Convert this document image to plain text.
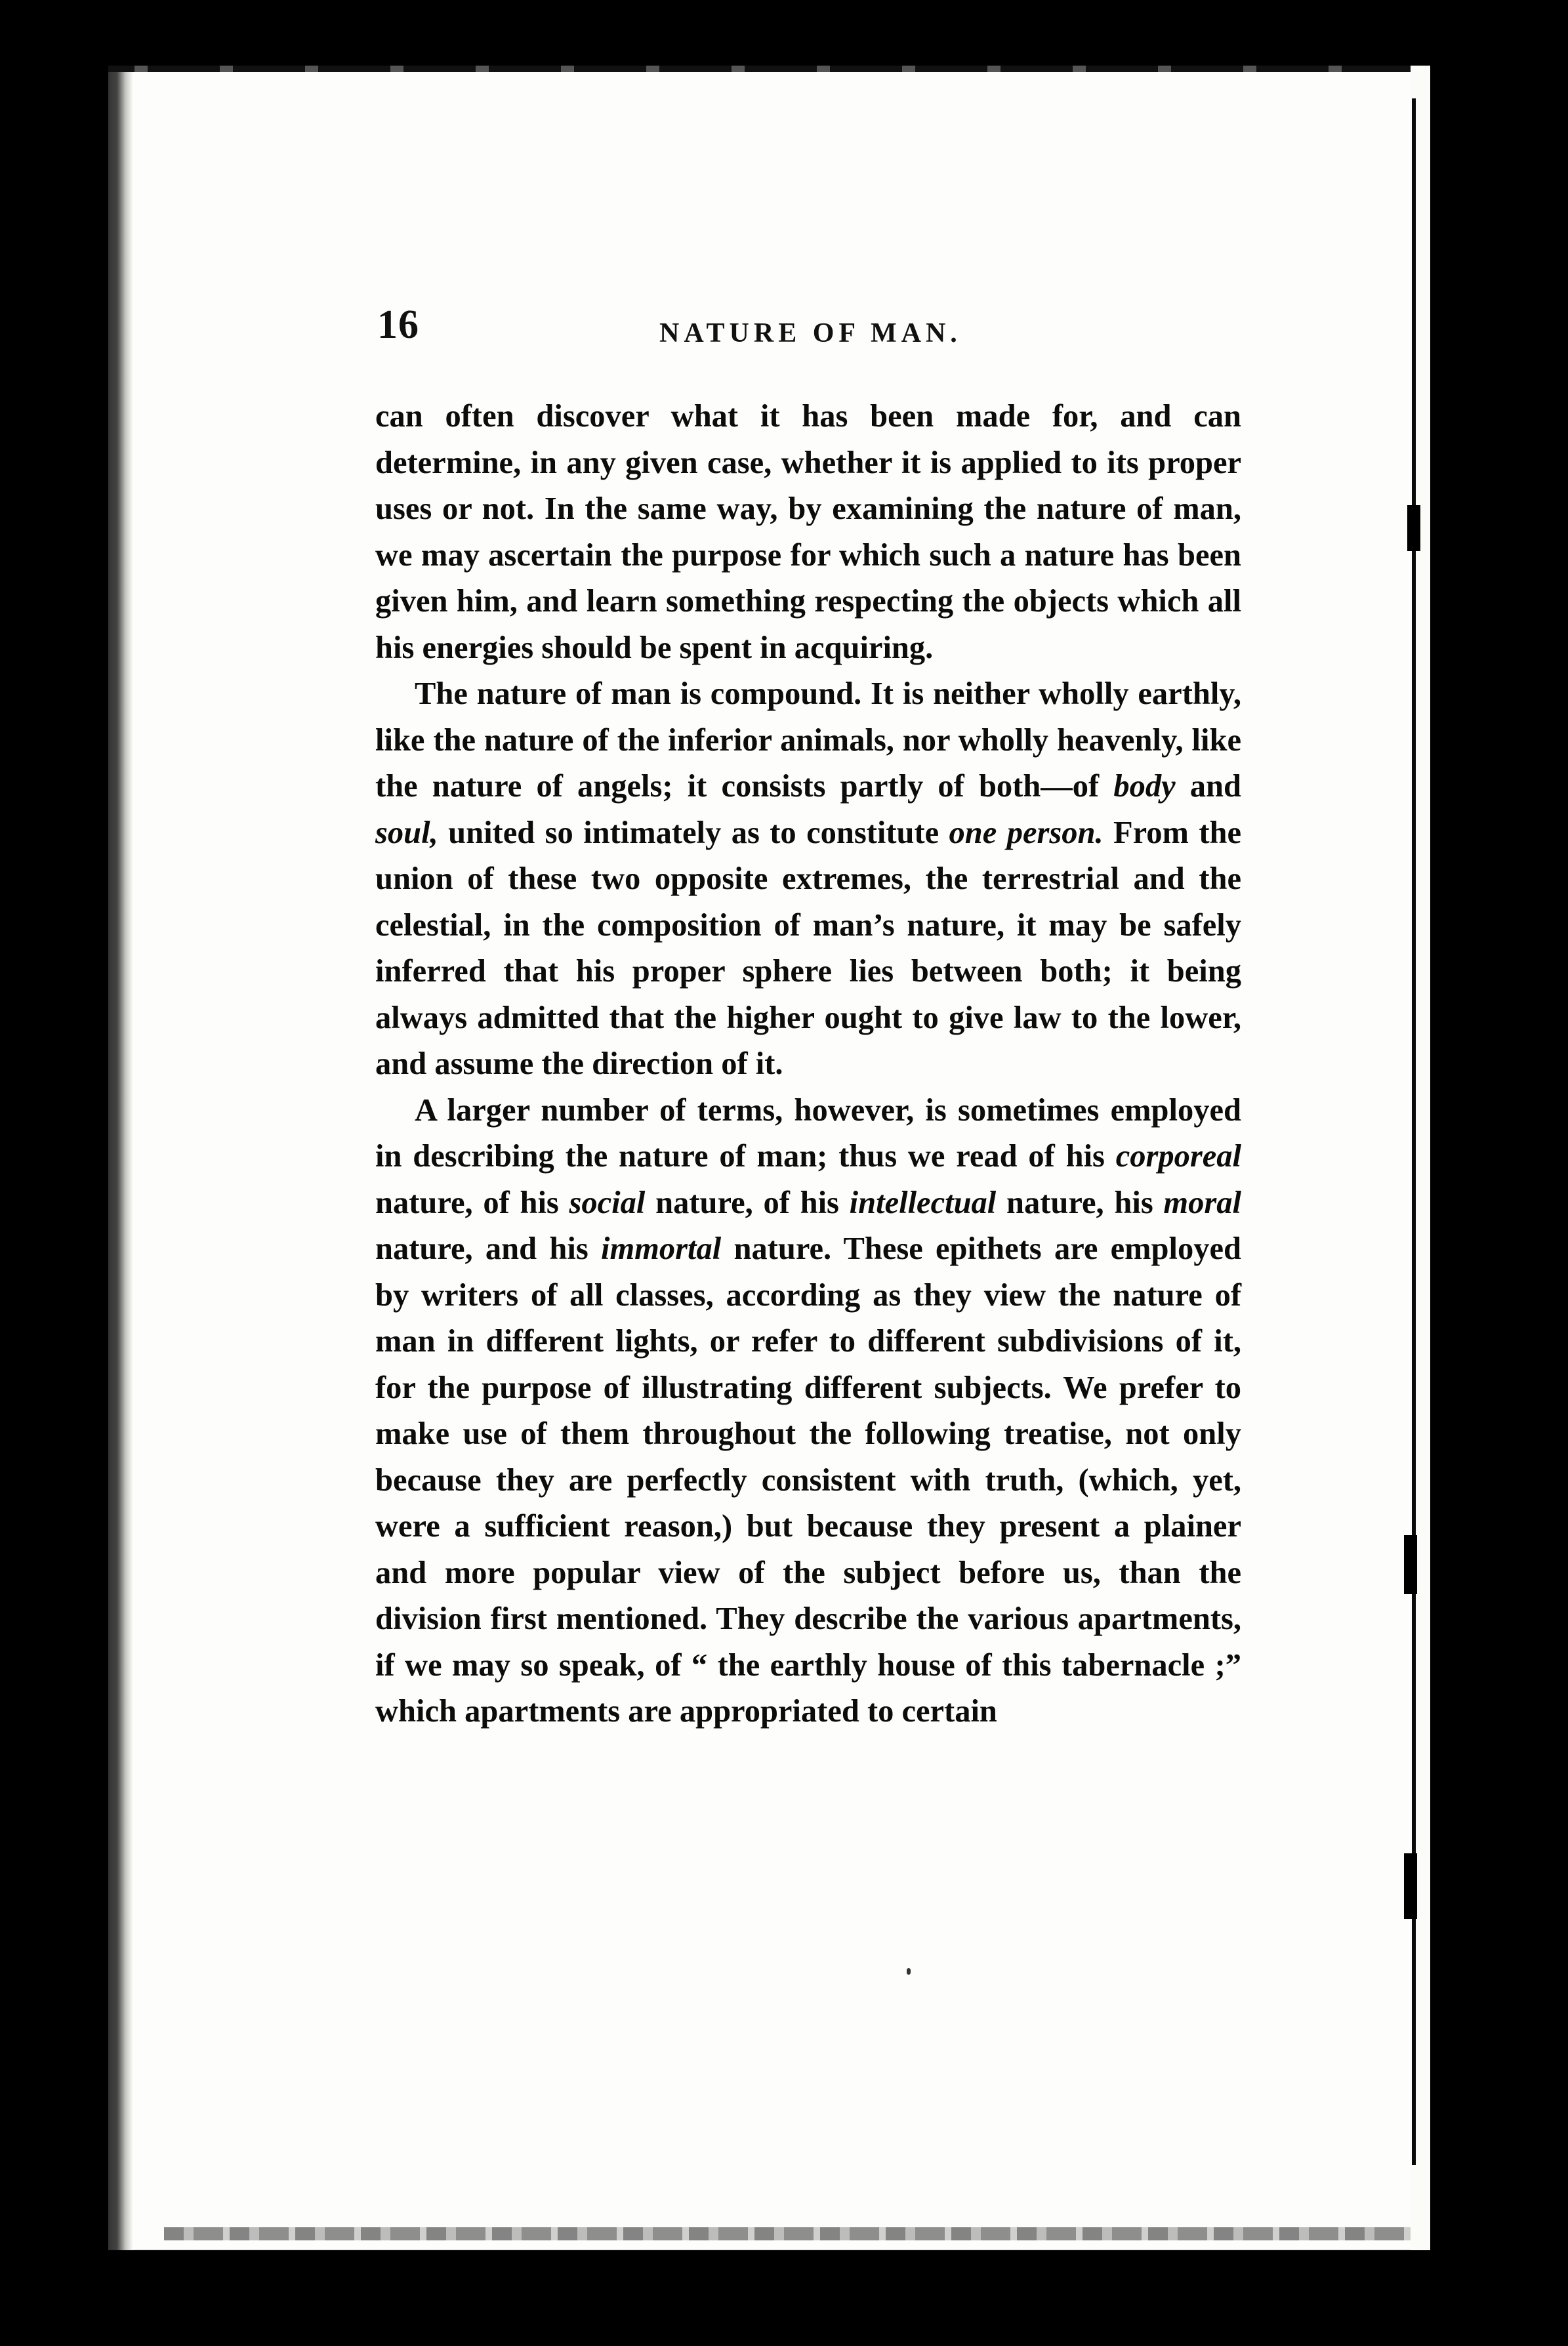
16	NATURE OF MAN.

can often discover what it has been made for, and can determine, in any given case, whether it is applied to its proper uses or not. In the same way, by examining the nature of man, we may ascertain the purpose for which such a nature has been given him, and learn something respecting the objects which all his energies should be spent in acquiring.

The nature of man is compound. It is neither wholly earthly, like the nature of the inferior animals, nor wholly heavenly, like the nature of angels; it consists partly of both—of body and soul, united so intimately as to constitute one person. From the union of these two opposite extremes, the terrestrial and the celestial, in the composition of man’s nature, it may be safely inferred that his proper sphere lies between both; it being always admitted that the higher ought to give law to the lower, and assume the direction of it.

A larger number of terms, however, is sometimes employed in describing the nature of man; thus we read of his corporeal nature, of his social nature, of his intellectual nature, his moral nature, and his immortal nature. These epithets are employed by writers of all classes, according as they view the nature of man in different lights, or refer to different subdivisions of it, for the purpose of illustrating different subjects. We prefer to make use of them throughout the following treatise, not only because they are perfectly consistent with truth, (which, yet, were a sufficient reason,) but because they present a plainer and more popular view of the subject before us, than the division first mentioned. They describe the various apartments, if we may so speak, of “ the earthly house of this tabernacle ;” which apartments are appropriated to certain
